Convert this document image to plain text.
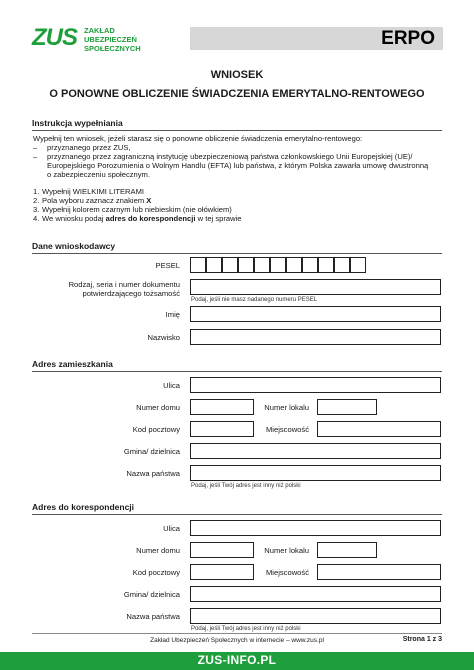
ZUS ZAKŁAD
UBEZPIECZEŃ
SPOŁECZNYCH	ERPO
WNIOSEK
O PONOWNE OBLICZENIE ŚWIADCZENIA EMERYTALNO-RENTOWEGO
Instrukcja wypełniania
Wypełnij ten wniosek, jeżeli starasz się o ponowne obliczenie świadczenia emerytalno-rentowego:
–	przyznanego przez ZUS,
–	przyznanego przez zagraniczną instytucję ubezpieczeniową państwa członkowskiego Unii Europejskiej (UE)/
Europejskiego Porozumienia o Wolnym Handlu (EFTA) lub państwa, z którym Polska zawarła umowę dwustronną
o zabezpieczeniu społecznym.
1. Wypełnij WIELKIMI LITERAMI
2. Pola wyboru zaznacz znakiem X
3. Wypełnij kolorem czarnym lub niebieskim (nie ołówkiem)
4. We wniosku podaj adres do korespondencji w tej sprawie
Dane wnioskodawcy
PESEL
Rodzaj, seria i numer dokumentu
potwierdzającego tożsamość
Podaj, jeśli nie masz nadanego numeru PESEL
Imię
Nazwisko
Adres zamieszkania
Ulica
Numer domu	Numer lokalu
Kod pocztowy	Miejscowość
Gmina/ dzielnica
Nazwa państwa
Podaj, jeśli Twój adres jest inny niż polski
Adres do korespondencji
Ulica
Numer domu	Numer lokalu
Kod pocztowy	Miejscowość
Gmina/ dzielnica
Nazwa państwa
Podaj, jeśli Twój adres jest inny niż polski
Zakład Ubezpieczeń Społecznych w internecie – www.zus.pl	Strona 1 z 3
ZUS-INFO.PL
